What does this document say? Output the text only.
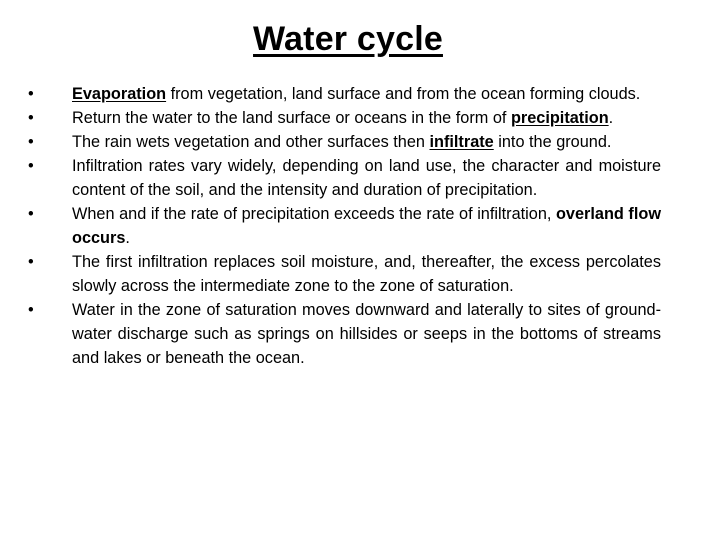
Water cycle
• Evaporation from vegetation, land surface and from the ocean forming clouds.
• Return the water to the land surface or oceans in the form of precipitation.
• The rain wets vegetation and other surfaces then infiltrate into the ground.
• Infiltration rates vary widely, depending on land use, the character and moisture content of the soil, and the intensity and duration of precipitation.
• When and if the rate of precipitation exceeds the rate of infiltration, overland flow occurs.
• The first infiltration replaces soil moisture, and, thereafter, the excess percolates slowly across the intermediate zone to the zone of saturation.
• Water in the zone of saturation moves downward and laterally to sites of ground-water discharge such as springs on hillsides or seeps in the bottoms of streams and lakes or beneath the ocean.
